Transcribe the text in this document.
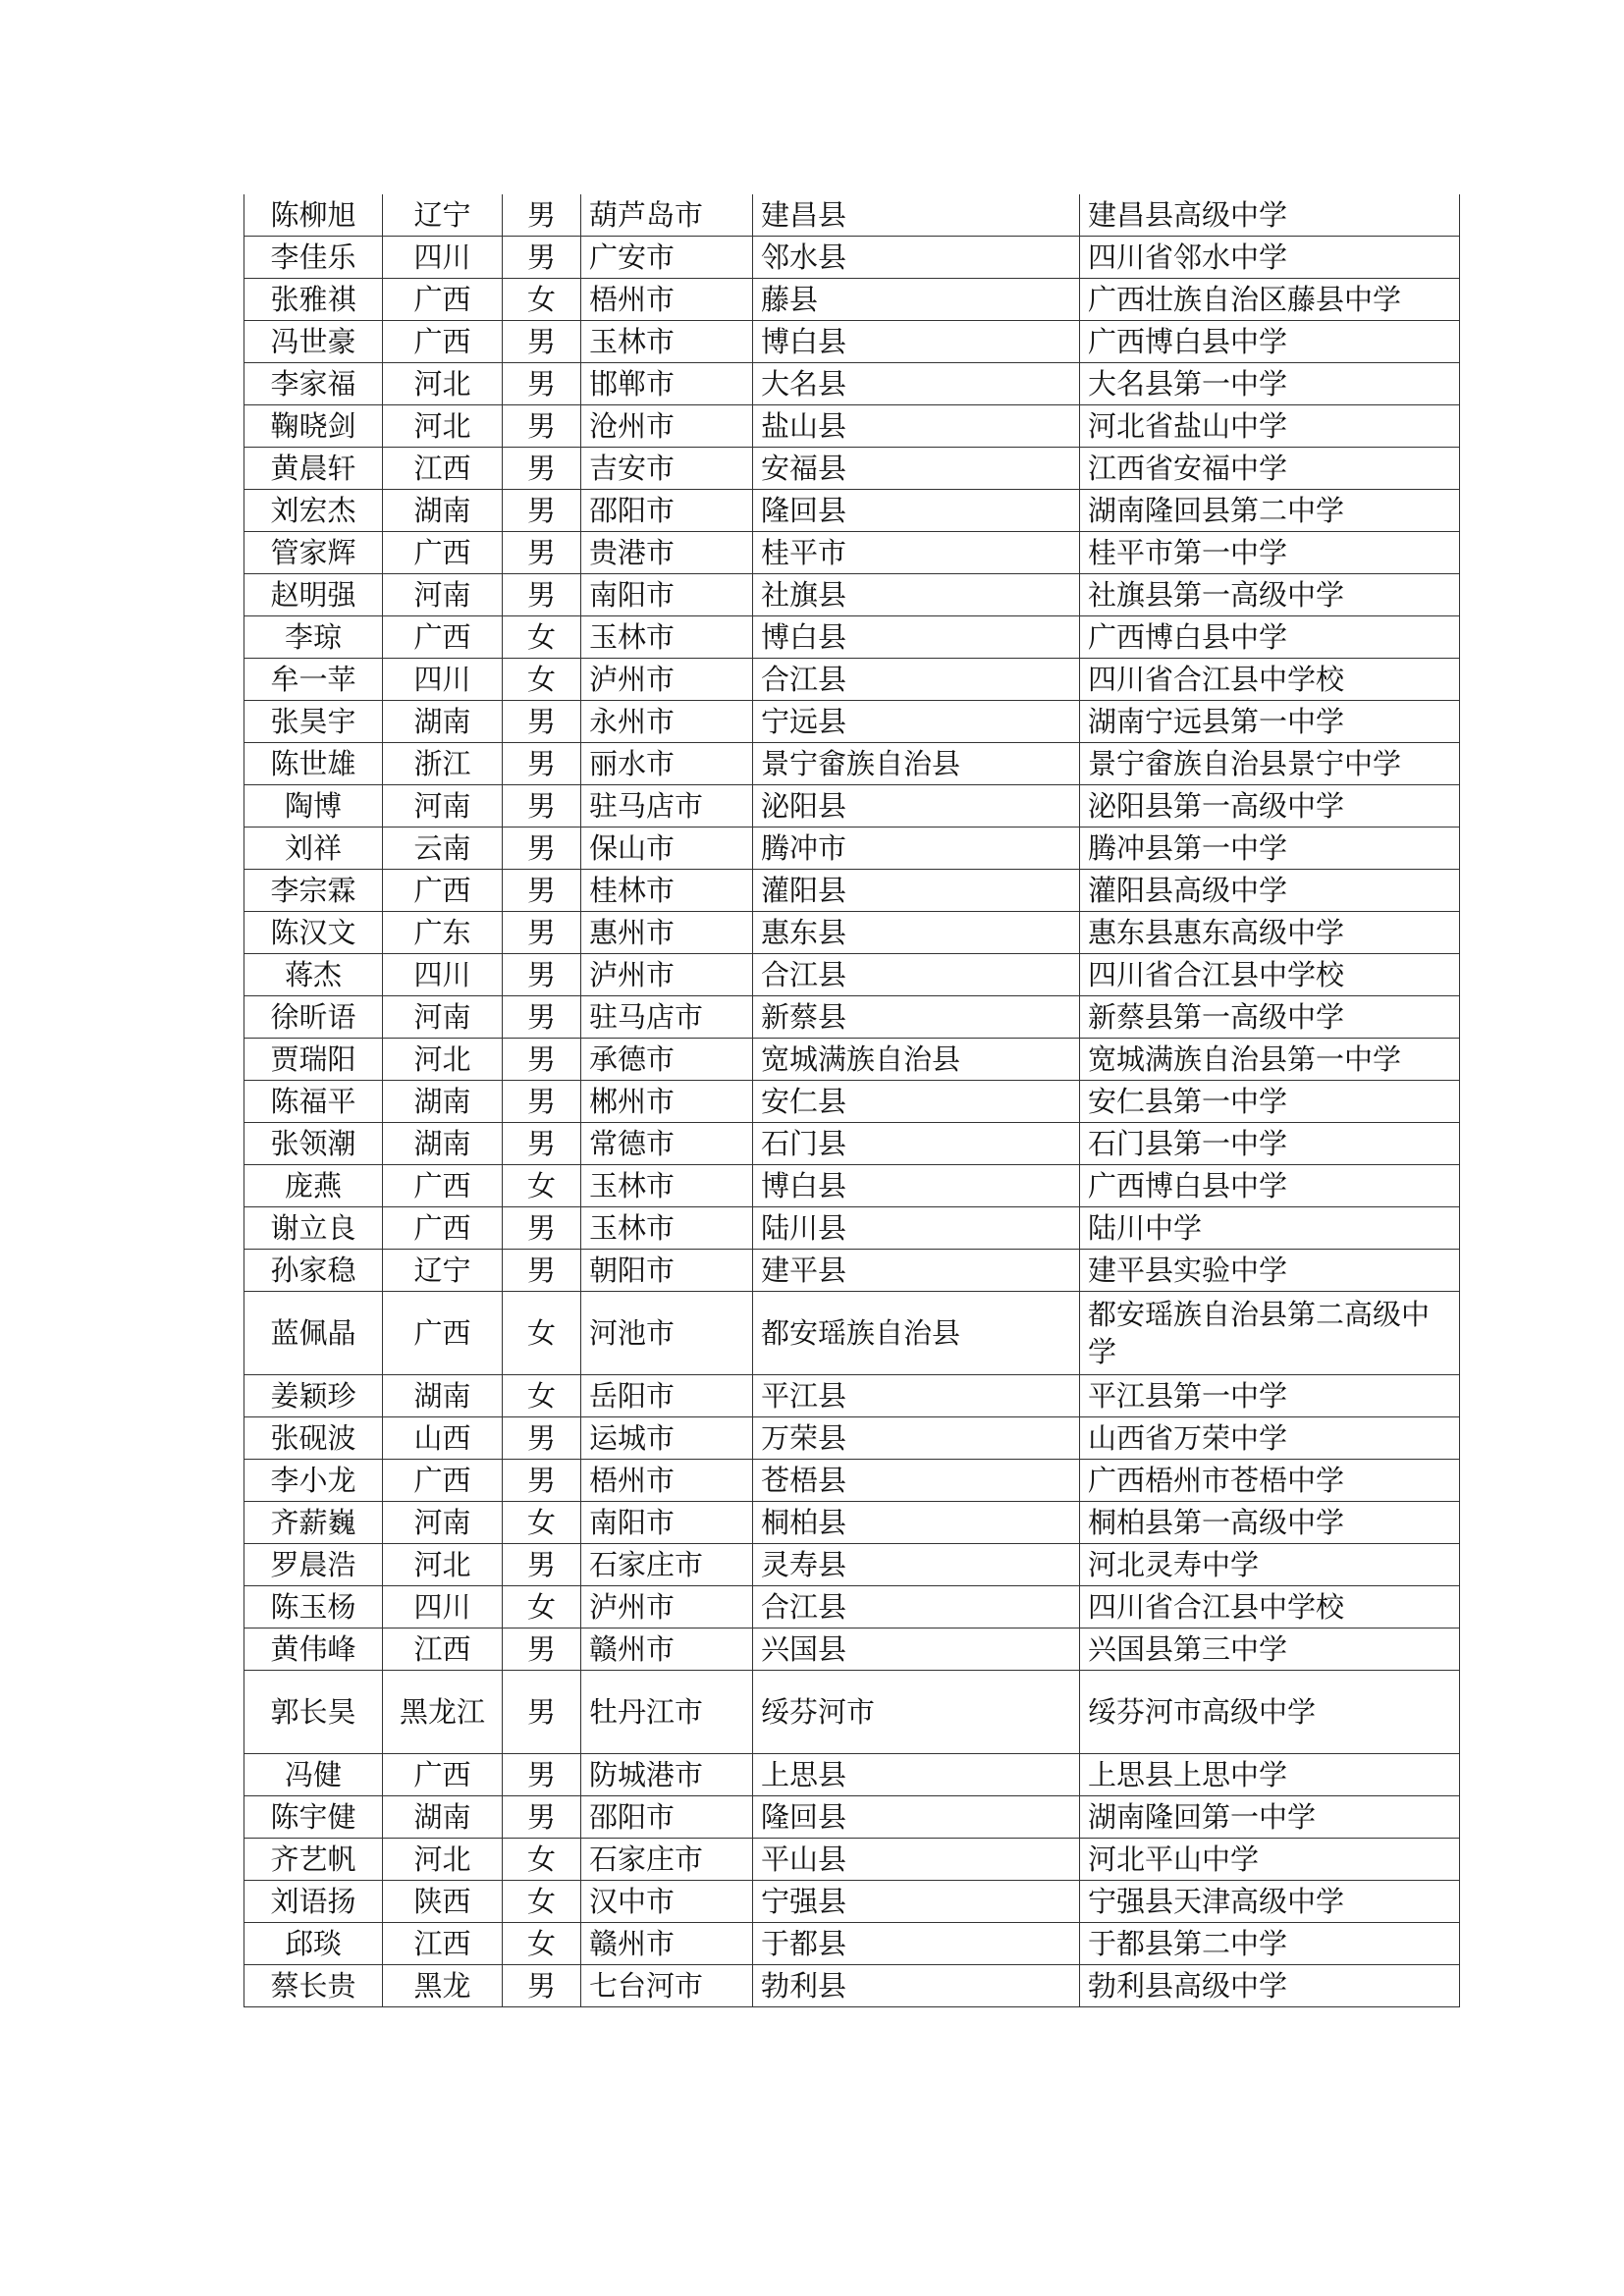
陈柳旭	辽宁	男	葫芦岛市	建昌县	建昌县高级中学
李佳乐	四川	男	广安市	邻水县	四川省邻水中学
张雅祺	广西	女	梧州市	藤县	广西壮族自治区藤县中学
冯世豪	广西	男	玉林市	博白县	广西博白县中学
李家福	河北	男	邯郸市	大名县	大名县第一中学
鞠晓剑	河北	男	沧州市	盐山县	河北省盐山中学
黄晨轩	江西	男	吉安市	安福县	江西省安福中学
刘宏杰	湖南	男	邵阳市	隆回县	湖南隆回县第二中学
管家辉	广西	男	贵港市	桂平市	桂平市第一中学
赵明强	河南	男	南阳市	社旗县	社旗县第一高级中学
李琼	广西	女	玉林市	博白县	广西博白县中学
牟一苹	四川	女	泸州市	合江县	四川省合江县中学校
张昊宇	湖南	男	永州市	宁远县	湖南宁远县第一中学
陈世雄	浙江	男	丽水市	景宁畲族自治县	景宁畲族自治县景宁中学
陶博	河南	男	驻马店市	泌阳县	泌阳县第一高级中学
刘祥	云南	男	保山市	腾冲市	腾冲县第一中学
李宗霖	广西	男	桂林市	灌阳县	灌阳县高级中学
陈汉文	广东	男	惠州市	惠东县	惠东县惠东高级中学
蒋杰	四川	男	泸州市	合江县	四川省合江县中学校
徐昕语	河南	男	驻马店市	新蔡县	新蔡县第一高级中学
贾瑞阳	河北	男	承德市	宽城满族自治县	宽城满族自治县第一中学
陈福平	湖南	男	郴州市	安仁县	安仁县第一中学
张领潮	湖南	男	常德市	石门县	石门县第一中学
庞燕	广西	女	玉林市	博白县	广西博白县中学
谢立良	广西	男	玉林市	陆川县	陆川中学
孙家稳	辽宁	男	朝阳市	建平县	建平县实验中学
蓝佩晶	广西	女	河池市	都安瑶族自治县	都安瑶族自治县第二高级中学
姜颖珍	湖南	女	岳阳市	平江县	平江县第一中学
张砚波	山西	男	运城市	万荣县	山西省万荣中学
李小龙	广西	男	梧州市	苍梧县	广西梧州市苍梧中学
齐薪巍	河南	女	南阳市	桐柏县	桐柏县第一高级中学
罗晨浩	河北	男	石家庄市	灵寿县	河北灵寿中学
陈玉杨	四川	女	泸州市	合江县	四川省合江县中学校
黄伟峰	江西	男	赣州市	兴国县	兴国县第三中学
郭长昊	黑龙江	男	牡丹江市	绥芬河市	绥芬河市高级中学
冯健	广西	男	防城港市	上思县	上思县上思中学
陈宇健	湖南	男	邵阳市	隆回县	湖南隆回第一中学
齐艺帆	河北	女	石家庄市	平山县	河北平山中学
刘语扬	陕西	女	汉中市	宁强县	宁强县天津高级中学
邱琰	江西	女	赣州市	于都县	于都县第二中学
蔡长贵	黑龙	男	七台河市	勃利县	勃利县高级中学
